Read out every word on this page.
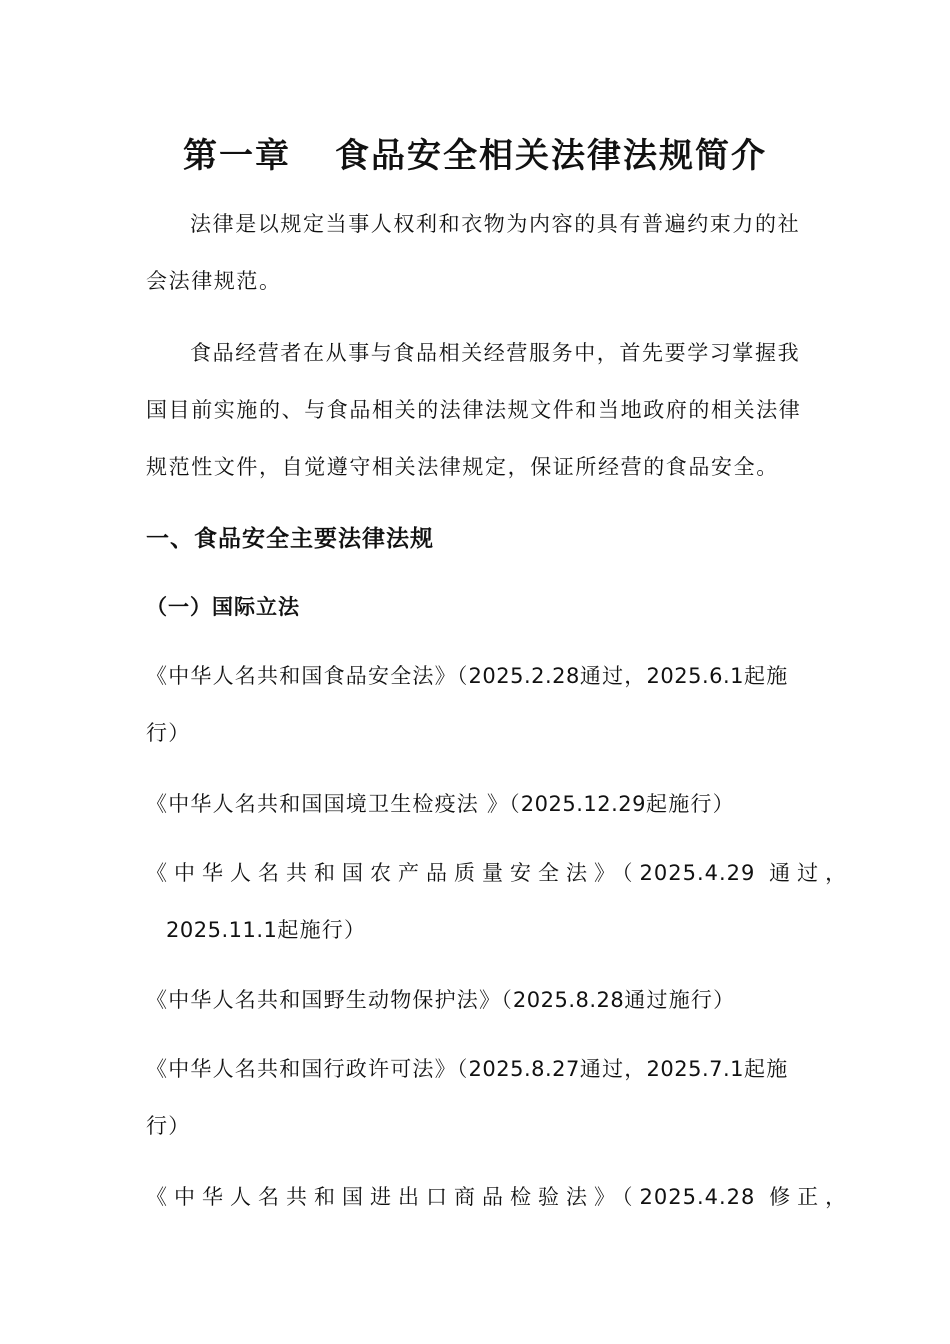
第一章 食品安全相关法律法规简介
法律是以规定当事人权利和衣物为内容的具有普遍约束力的社
会法律规范。
食品经营者在从事与食品相关经营服务中，首先要学习掌握我
国目前实施的、与食品相关的法律法规文件和当地政府的相关法律
规范性文件，自觉遵守相关法律规定，保证所经营的食品安全。
一、食品安全主要法律法规
（一）国际立法
《中华人名共和国食品安全法》（2025.2.28通过，2025.6.1起施
行）
《中华人名共和国国境卫生检疫法 》（2025.12.29起施行）
《中华人名共和国农产品质量安全法》（2025.4.29 通过，
2025.11.1起施行）
《中华人名共和国野生动物保护法》（2025.8.28通过施行）
《中华人名共和国行政许可法》（2025.8.27通过，2025.7.1起施
行）
《中华人名共和国进出口商品检验法》（2025.4.28 修正，
